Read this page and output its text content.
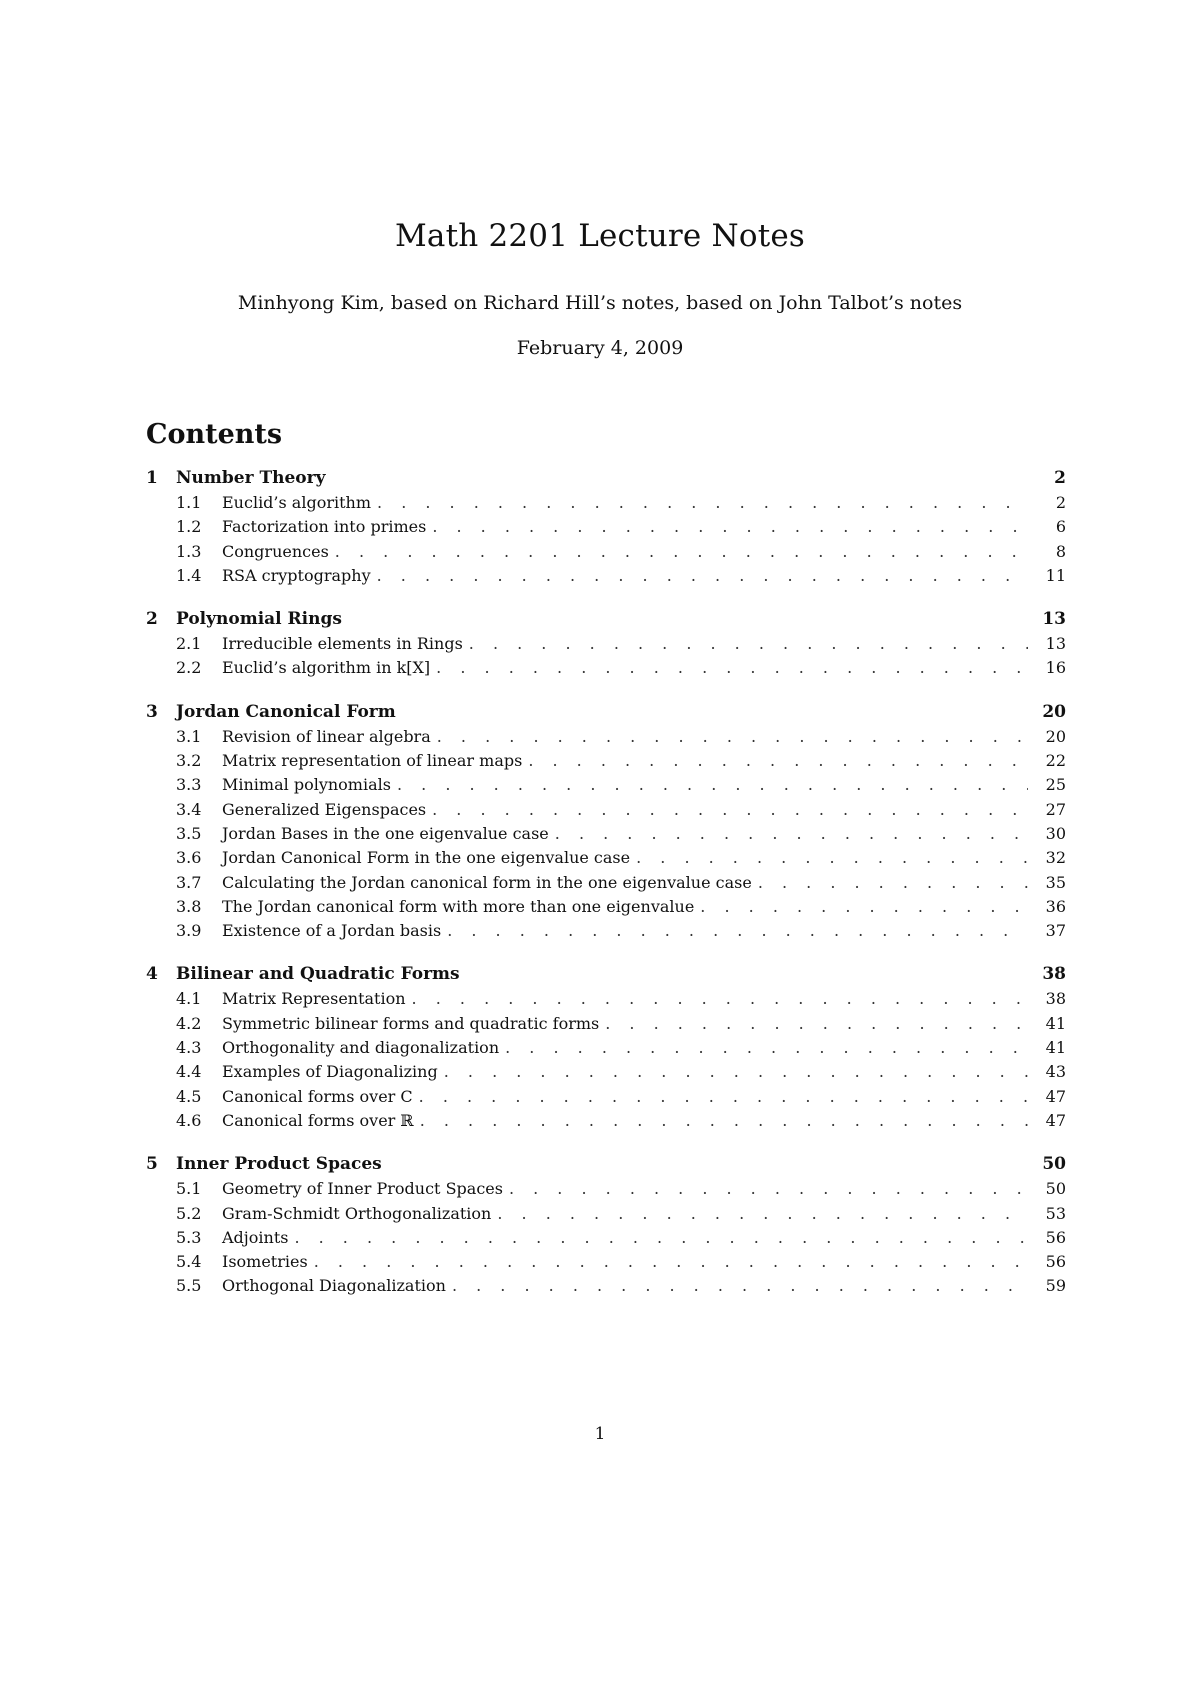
Math 2201 Lecture Notes
Minhyong Kim, based on Richard Hill’s notes, based on John Talbot’s notes
February 4, 2009
Contents
1	Number Theory	2
1.1	Euclid’s algorithm . . .	2
1.2	Factorization into primes . . .	6
1.3	Congruences . . .	8
1.4	RSA cryptography . . .	11
2	Polynomial Rings	13
2.1	Irreducible elements in Rings . . .	13
2.2	Euclid’s algorithm in k[X] . . .	16
3	Jordan Canonical Form	20
3.1	Revision of linear algebra . . .	20
3.2	Matrix representation of linear maps . . .	22
3.3	Minimal polynomials . . .	25
3.4	Generalized Eigenspaces . . .	27
3.5	Jordan Bases in the one eigenvalue case . . .	30
3.6	Jordan Canonical Form in the one eigenvalue case . . .	32
3.7	Calculating the Jordan canonical form in the one eigenvalue case . . .	35
3.8	The Jordan canonical form with more than one eigenvalue . . .	36
3.9	Existence of a Jordan basis . . .	37
4	Bilinear and Quadratic Forms	38
4.1	Matrix Representation . . .	38
4.2	Symmetric bilinear forms and quadratic forms . . .	41
4.3	Orthogonality and diagonalization . . .	41
4.4	Examples of Diagonalizing . . .	43
4.5	Canonical forms over C . . .	47
4.6	Canonical forms over ℝ . . .	47
5	Inner Product Spaces	50
5.1	Geometry of Inner Product Spaces . . .	50
5.2	Gram-Schmidt Orthogonalization . . .	53
5.3	Adjoints . . .	56
5.4	Isometries . . .	56
5.5	Orthogonal Diagonalization . . .	59
1
